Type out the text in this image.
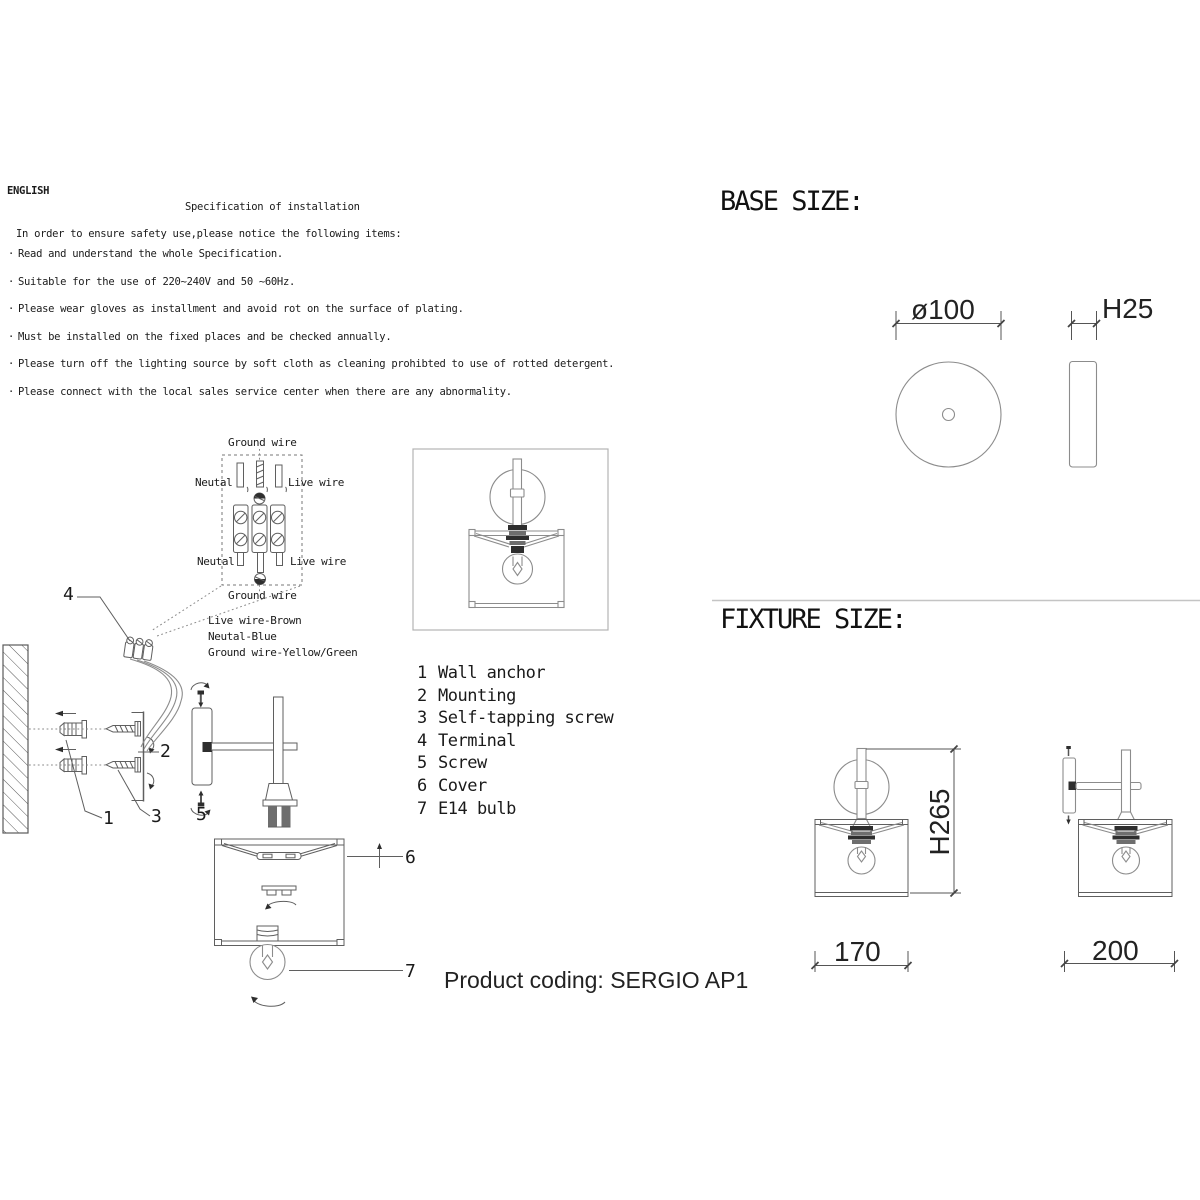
ENGLISH
Specification of installation
In order to ensure safety use,please notice the following items:
· Read and understand the whole Specification.
· Suitable for the use of 220~240V and 50 ~60Hz.
· Please wear gloves as installment and avoid rot on the surface of plating.
· Must be installed on the fixed places and be checked annually.
· Please turn off the lighting source by soft cloth as cleaning prohibted to use of rotted detergent.
· Please connect with the local sales service center when there are any abnormality.
Ground wire
Neutal	Live wire
Neutal	Live wire
Ground wire
Live wire-Brown
Neutal-Blue
Ground wire-Yellow/Green
4
2
1 3 5
6
7
1 Wall anchor
2 Mounting
3 Self-tapping screw
4 Terminal
5 Screw
6 Cover
7 E14 bulb
BASE SIZE:
ø100	H25
FIXTURE SIZE:
H265
170	200
Product coding: SERGIO AP1
